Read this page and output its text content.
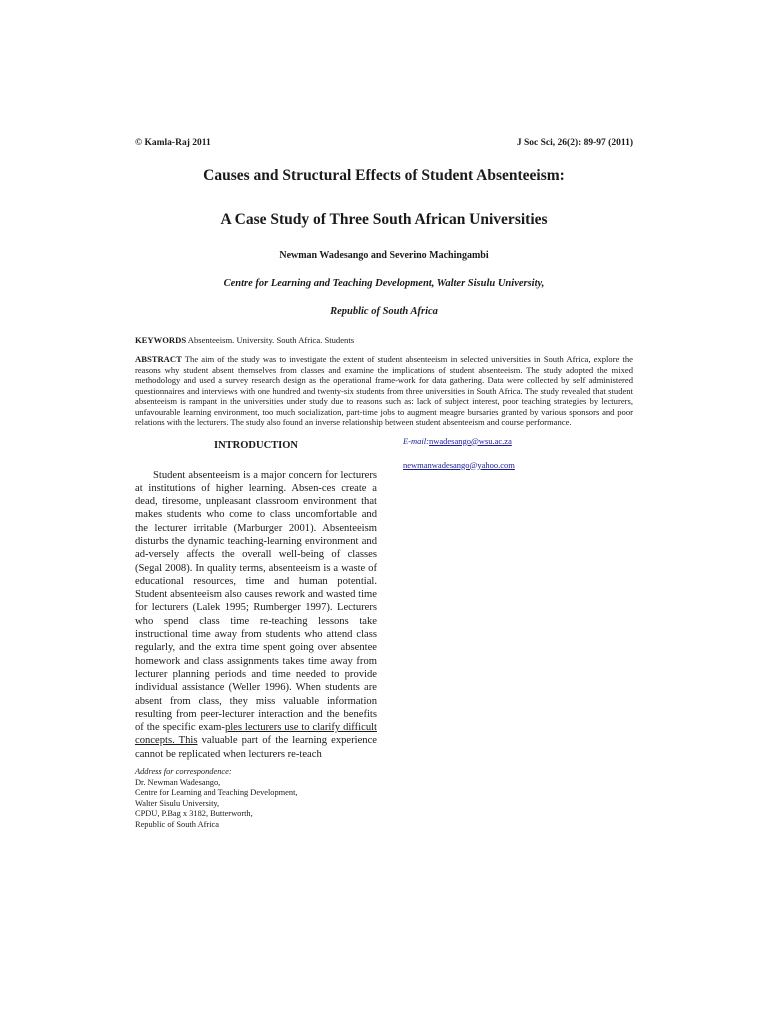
© Kamla-Raj 2011	J Soc Sci, 26(2): 89-97 (2011)
Causes and Structural Effects of Student Absenteeism:
A Case Study of Three South African Universities
Newman Wadesango and Severino Machingambi
Centre for Learning and Teaching Development, Walter Sisulu University,
Republic of South Africa
KEYWORDS Absenteeism. University. South Africa. Students
ABSTRACT The aim of the study was to investigate the extent of student absenteeism in selected universities in South Africa, explore the reasons why student absent themselves from classes and examine the implications of student absenteeism. The study adopted the mixed methodology and used a survey research design as the operational frame-work for data gathering. Data were collected by self administered questionnaires and interviews with one hundred and twenty-six students from three universities in South Africa. The study revealed that student absenteeism is rampant in the universities under study due to reasons such as: lack of subject interest, poor teaching strategies by lecturers, unfavourable learning environment, too much socialization, part-time jobs to augment meagre bursaries granted by various sponsors and poor relations with the lecturers. The study also found an inverse relationship between student absenteeism and course performance.
INTRODUCTION
Student absenteeism is a major concern for lecturers at institutions of higher learning. Absen-ces create a dead, tiresome, unpleasant classroom environment that makes students who come to class uncomfortable and the lecturer irritable (Marburger 2001). Absenteeism disturbs the dynamic teaching-learning environment and ad-versely affects the overall well-being of classes (Segal 2008). In quality terms, absenteeism is a waste of educational resources, time and human potential. Student absenteeism also causes rework and wasted time for lecturers (Lalek 1995; Rumberger 1997). Lecturers who spend class time re-teaching lessons take instructional time away from students who attend class regularly, and the extra time spent going over absentee homework and class assignments takes time away from lecturer planning periods and time needed to provide individual assistance (Weller 1996). When students are absent from class, they miss valuable information resulting from peer-lecturer interaction and the benefits of the specific exam-ples lecturers use to clarify difficult concepts. This valuable part of the learning experience cannot be replicated when lecturers re-teach
Address for correspondence:
Dr. Newman Wadesango,
Centre for Learning and Teaching Development,
Walter Sisulu University,
CPDU, P.Bag x 3182, Butterworth,
Republic of South Africa
E-mail:nwadesango@wsu.ac.za
newmanwadesango@yahoo.com
